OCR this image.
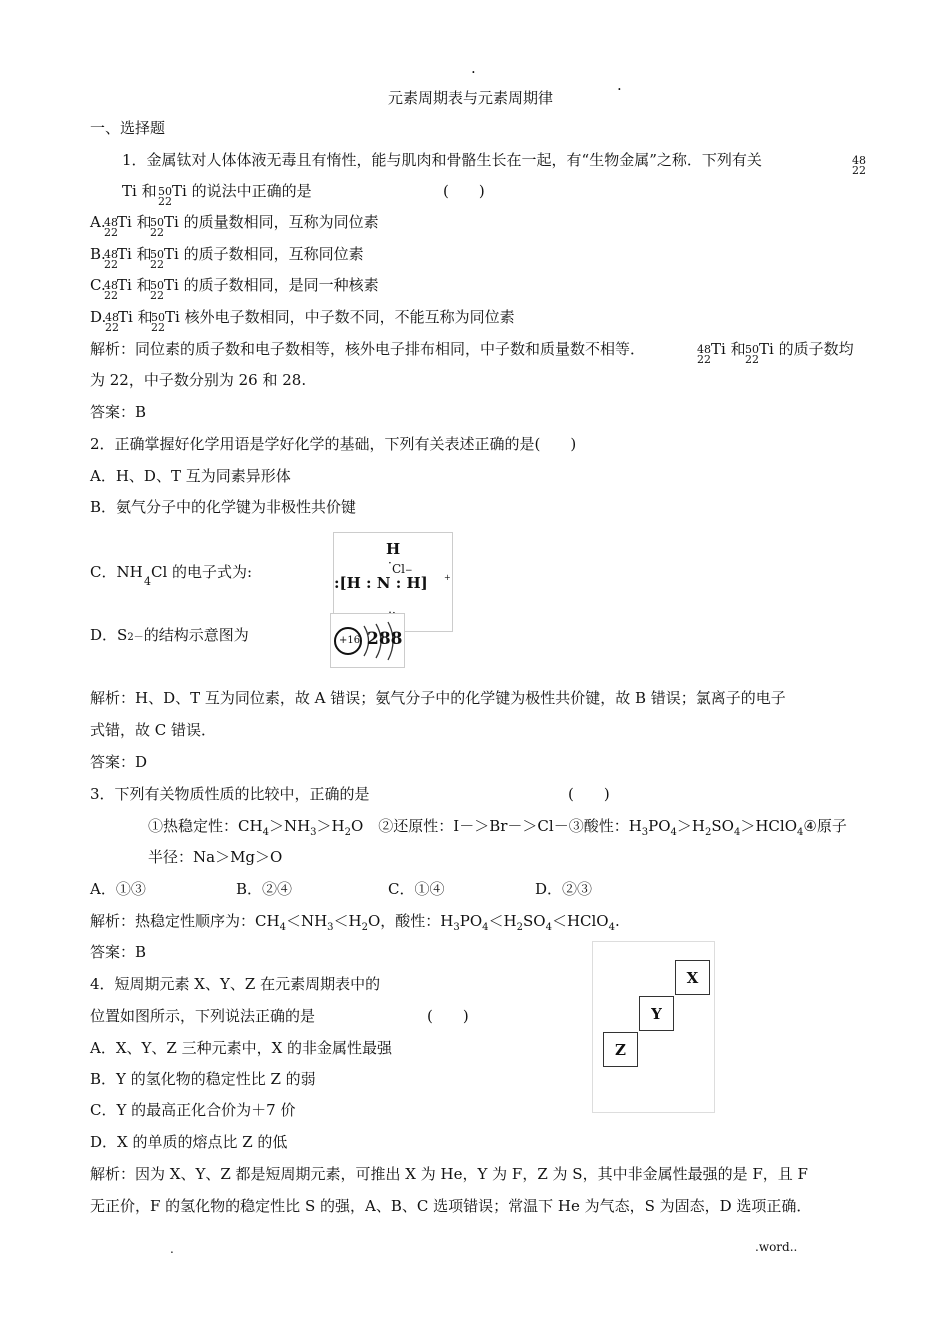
.
.
元素周期表与元素周期律
一、选择题
1．金属钛对人体体液无毒且有惰性，能与肌肉和骨骼生长在一起，有“生物金属”之称．下列有关	48
22
Ti 和 50
22
Ti 的说法中正确的是	(　　)
A.
48
22
Ti 和
50
22
Ti 的质量数相同，互称为同位素
B.
48
22
Ti 和
50
22
Ti 的质子数相同，互称同位素
C.
48
22
Ti 和
50
22
Ti 的质子数相同，是同一种核素
D.
48
22
Ti 和
50
22
Ti 核外电子数相同，中子数不同，不能互称为同位素
解析：同位素的质子数和电子数相等，核外电子排布相同，中子数和质量数不相等．	48
22
Ti 和 50
22
Ti 的质子数均
为 22，中子数分别为 26 和 28.
答案：B
2．正确掌握好化学用语是学好化学的基础，下列有关表述正确的是(　　)
A．H、D、T 互为同素异形体
B．氨气分子中的化学键为非极性共价键
C．NH
4
Cl 的电子式为:
H
· Cl−
:[H : N : H] +
D．S2－的结构示意图为	+16 288
解析：H、D、T 互为同位素，故 A 错误；氨气分子中的化学键为极性共价键，故 B 错误；氯离子的电子
式错，故 C 错误．
答案：D
3．下列有关物质性质的比较中，正确的是	(　　)
①热稳定性：$CH_4>NH_3>H_2O$　②还原性：I－＞Br－＞Cl－③酸性：$H_3PO_4>H_2SO_4>HClO_4④$原子
半径：Na＞Mg＞O
A．①③	B．②④	C．①④	D．②③
解析：热稳定性顺序为：$CH_4<NH_3<H_2O$，酸性：$H_3PO_4<H_2SO_4<HClO_4$.
答案：B
4．短周期元素 X、Y、Z 在元素周期表中的
位置如图所示，下列说法正确的是	(　　)
A．X、Y、Z 三种元素中，X 的非金属性最强
B．Y 的氢化物的稳定性比 Z 的弱
C．Y 的最高正化合价为＋7 价
D．X 的单质的熔点比 Z 的低
X
Y
Z
解析：因为 X、Y、Z 都是短周期元素，可推出 X 为 He，Y 为 F，Z 为 S，其中非金属性最强的是 F，且 F
无正价，F 的氢化物的稳定性比 S 的强，A、B、C 选项错误；常温下 He 为气态，S 为固态，D 选项正确．
.	.word..
